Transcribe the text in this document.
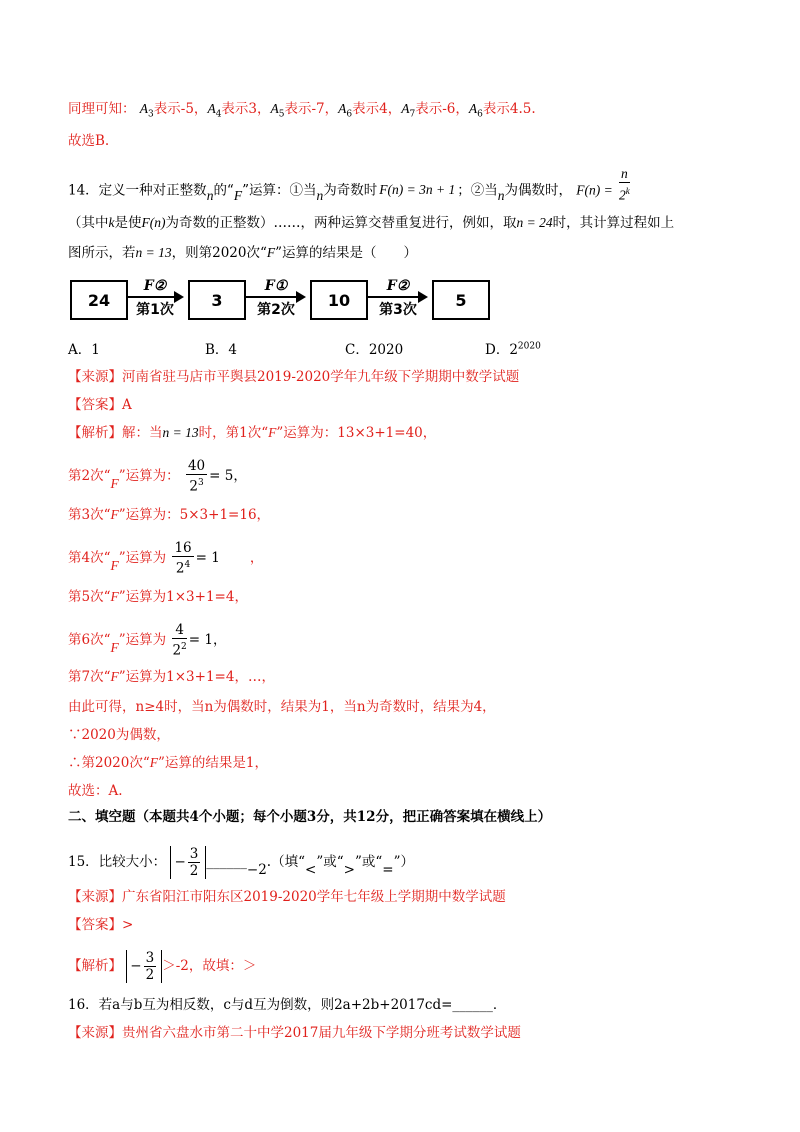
同理可知： $A_3$表示-5，$A_4$表示3，$A_5$表示-7，$A_6$表示4，$A_7$表示-6，$A_6$表示4.5.
故选B.
14．定义一种对正整数n的“F”运算：①当n为奇数时 F(n) = 3n + 1 ；②当n为偶数时， $F(n) = \frac{n}{2^k}$
（其中k是使F(n)为奇数的正整数）……，两种运算交替重复进行，例如，取n = 24时，其计算过程如上
图所示，若n = 13，则第2020次“F”运算的结果是（　　）
24
F②
第1次
3
F①
第2次
10
F②
第3次
5
A．1	B．4	C．2020	D．$2^{2020}$
【来源】河南省驻马店市平舆县2019-2020学年九年级下学期期中数学试题
【答案】A
【解析】解：当n = 13时，第1次“F”运算为：13×3+1=40，
第2次“F”运算为： $\frac{40}{2^3} = 5$，
第3次“F”运算为：5×3+1=16，
第4次“F”运算为 $\frac{16}{2^4} = 1$ ，
第5次“F”运算为1×3+1=4，
第6次“F”运算为 $\frac{4}{2^2} = 1$，
第7次“F”运算为1×3+1=4，…，
由此可得，n≥4时，当n为偶数时，结果为1，当n为奇数时，结果为4，
∵2020为偶数，
∴第2020次“F”运算的结果是1，
故选：A.
二、填空题（本题共4个小题；每个小题3分，共12分，把正确答案填在横线上）
15．比较大小： − $\frac{3}{2}$ ______−2.（填“<”或“>”或“=”）
【来源】广东省阳江市阳东区2019-2020学年七年级上学期期中数学试题
【答案】>
【解析】 − $\frac{3}{2} >-2$，故填：＞
16．若a与b互为相反数，c与d互为倒数，则2a+2b+2017cd=______．
【来源】贵州省六盘水市第二十中学2017届九年级下学期分班考试数学试题
